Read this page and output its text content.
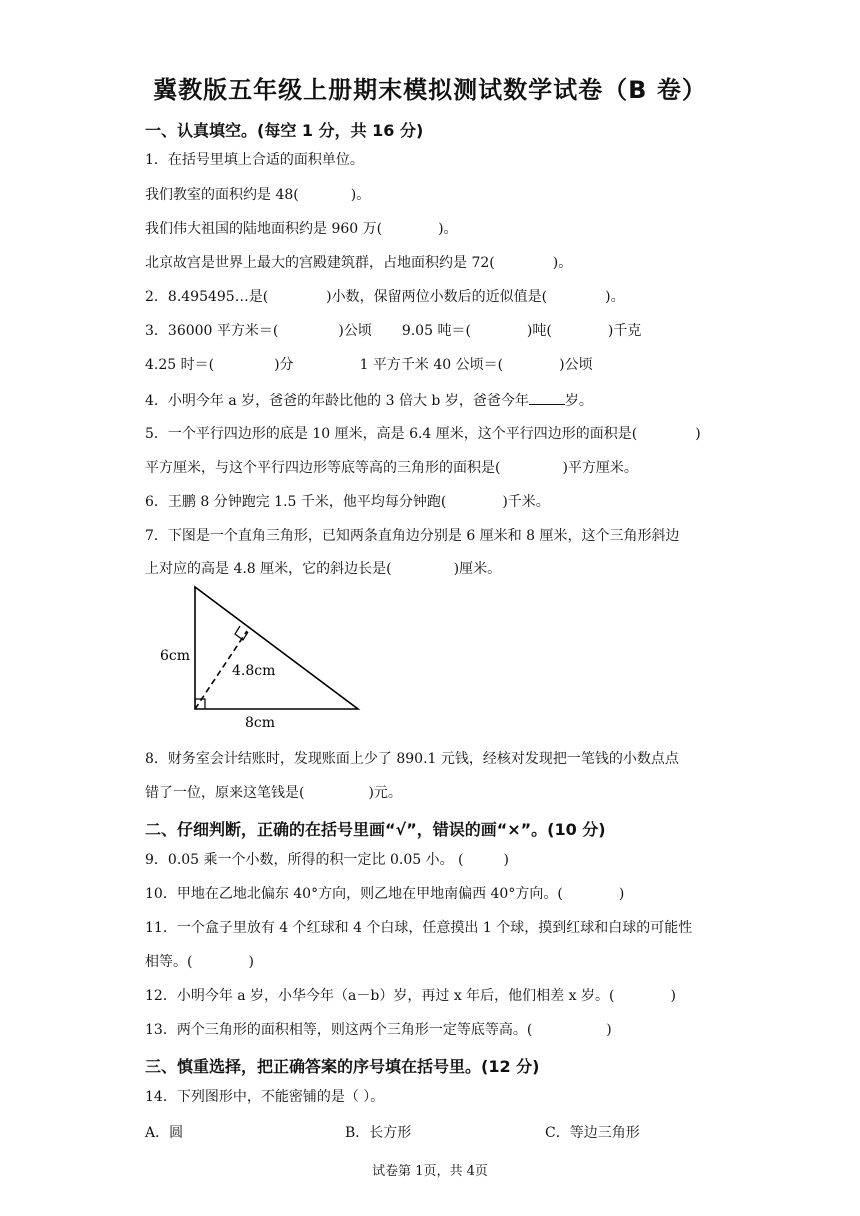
冀教版五年级上册期末模拟测试数学试卷（B 卷）
一、认真填空。(每空 1 分，共 16 分)
1．在括号里填上合适的面积单位。
我们教室的面积约是 48(	)。
我们伟大祖国的陆地面积约是 960 万(	)。
北京故宫是世界上最大的宫殿建筑群，占地面积约是 72(	)。
2．8.495495…是(	)小数，保留两位小数后的近似值是(	)。
3．36000 平方米＝(	)公顷 9.05 吨＝(	)吨(	)千克
4.25 时＝(	)分	1 平方千米 40 公顷＝(	)公顷
4．小明今年 a 岁，爸爸的年龄比他的 3 倍大 b 岁，爸爸今年	岁。
5．一个平行四边形的底是 10 厘米，高是 6.4 厘米，这个平行四边形的面积是(	)
平方厘米，与这个平行四边形等底等高的三角形的面积是(	)平方厘米。
6．王鹏 8 分钟跑完 1.5 千米，他平均每分钟跑(	)千米。
7．下图是一个直角三角形，已知两条直角边分别是 6 厘米和 8 厘米，这个三角形斜边
上对应的高是 4.8 厘米，它的斜边长是(	)厘米。
6cm
4.8cm
8cm
8．财务室会计结账时，发现账面上少了 890.1 元钱，经核对发现把一笔钱的小数点点
错了一位，原来这笔钱是(	)元。
二、仔细判断，正确的在括号里画“√”，错误的画“×”。(10 分)
9．0.05 乘一个小数，所得的积一定比 0.05 小。 (	)
10．甲地在乙地北偏东 40°方向，则乙地在甲地南偏西 40°方向。(	)
11．一个盒子里放有 4 个红球和 4 个白球，任意摸出 1 个球，摸到红球和白球的可能性
相等。(	)
12．小明今年 a 岁，小华今年（a－b）岁，再过 x 年后，他们相差 x 岁。(	)
13．两个三角形的面积相等，则这两个三角形一定等底等高。(	)
三、慎重选择，把正确答案的序号填在括号里。(12 分)
14．下列图形中，不能密铺的是（ ）。
A．圆	B．长方形	C．等边三角形
试卷第 1页，共 4页
